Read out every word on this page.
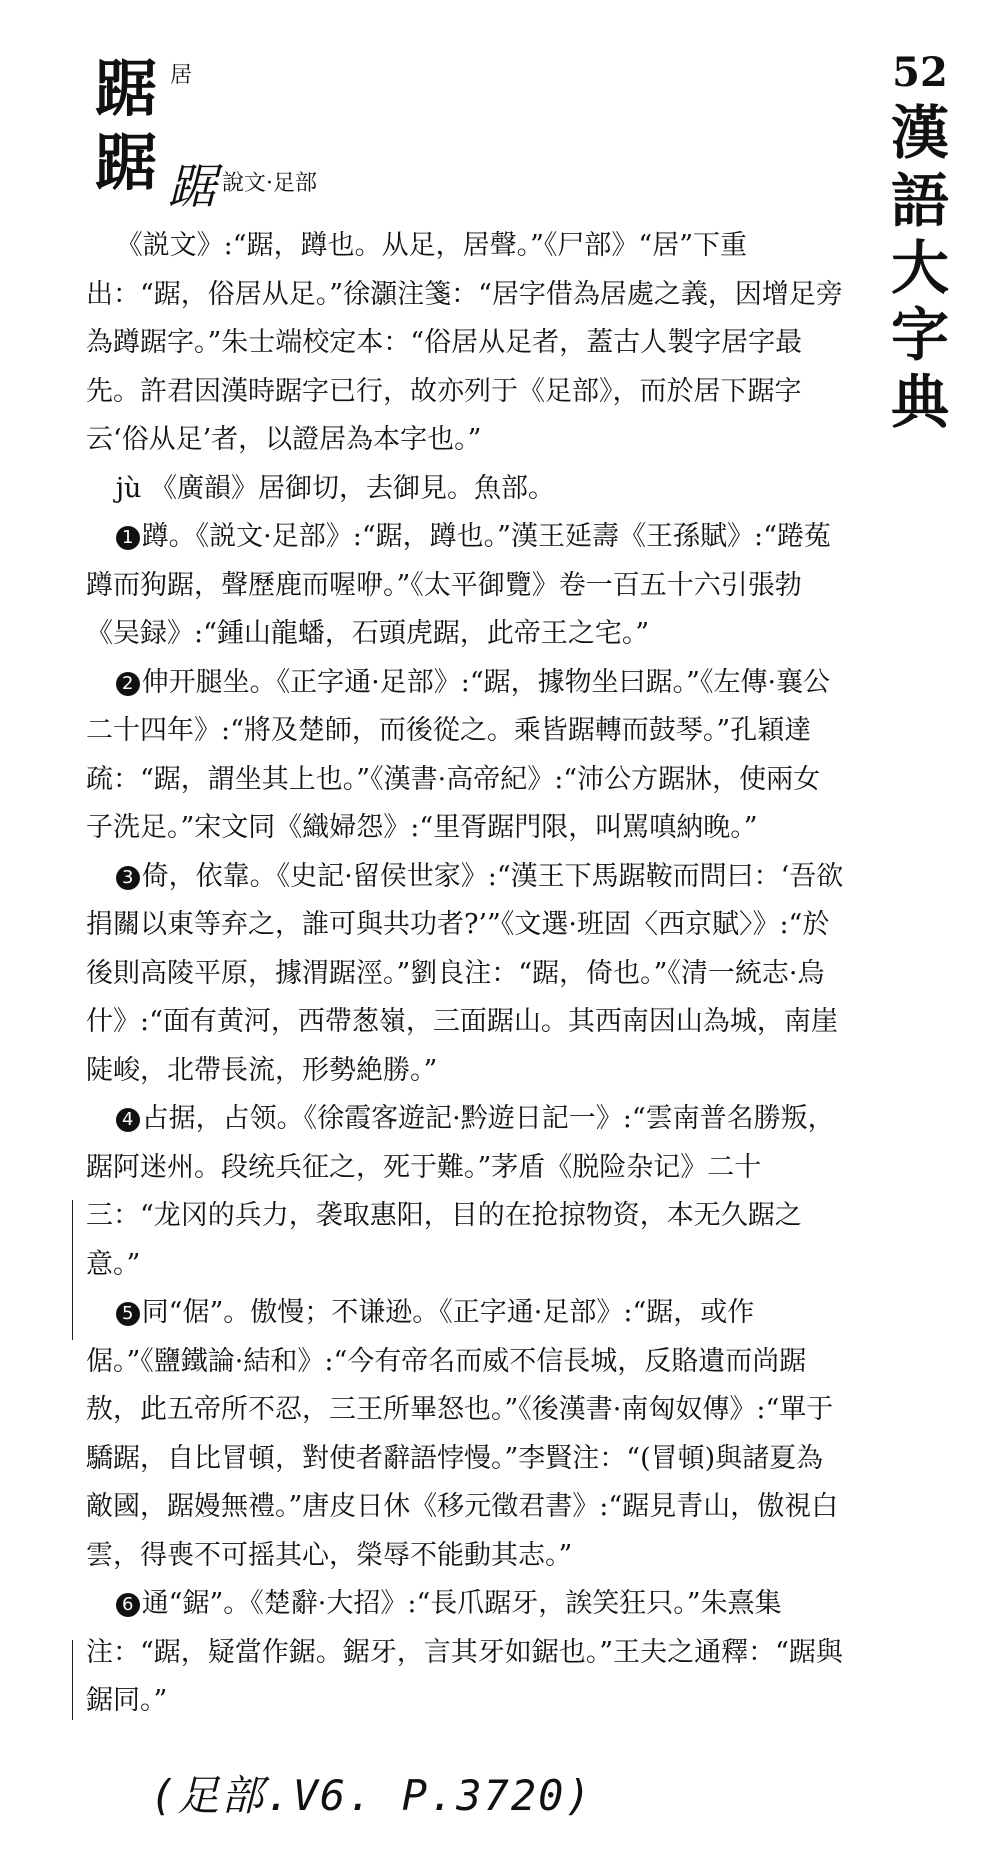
踞 居
踞 踞 說文·足部
52
漢
語
大
字
典

《説文》:“踞，蹲也。从足，居聲。”《尸部》“居”下重出：“踞，俗居从足。”徐灝注箋：“居字借為居處之義，因增足旁為蹲踞字。”朱士端校定本：“俗居从足者，蓋古人製字居字最先。許君因漢時踞字已行，故亦列于《足部》，而於居下踞字云‘俗从足’者，以證居為本字也。”

jù 《廣韻》居御切，去御見。魚部。

1 蹲。《説文·足部》:“踞，蹲也。”漢王延壽《王孫賦》:“踡菟蹲而狗踞，聲歷鹿而喔咿。”《太平御覽》卷一百五十六引張勃《吴録》:“鍾山龍蟠，石頭虎踞，此帝王之宅。”

2 伸开腿坐。《正字通·足部》:“踞，據物坐曰踞。”《左傳·襄公二十四年》:“將及楚師，而後從之。乘皆踞轉而鼓琴。”孔穎達疏：“踞，謂坐其上也。”《漢書·高帝紀》:“沛公方踞牀，使兩女子洗足。”宋文同《織婦怨》:“里胥踞門限，叫駡嗔納晚。”

3 倚，依靠。《史記·留侯世家》:“漢王下馬踞鞍而問曰：‘吾欲捐關以東等弃之，誰可與共功者?’”《文選·班固〈西京賦〉》:“於後則高陵平原，據渭踞涇。”劉良注：“踞，倚也。”《清一統志·烏什》:“面有黄河，西帶葱嶺，三面踞山。其西南因山為城，南崖陡峻，北帶長流，形勢絶勝。”

4 占据，占领。《徐霞客遊記·黔遊日記一》:“雲南普名勝叛，踞阿迷州。段统兵征之，死于難。”茅盾《脱险杂记》二十三：“龙冈的兵力，袭取惠阳，目的在抢掠物资，本无久踞之意。”

5 同“倨”。傲慢；不谦逊。《正字通·足部》:“踞，或作倨。”《鹽鐵論·結和》:“今有帝名而威不信長城，反賂遺而尚踞敖，此五帝所不忍，三王所畢怒也。”《後漢書·南匈奴傳》:“單于驕踞，自比冒頓，對使者辭語悖慢。”李賢注：“(冒頓)與諸夏為敵國，踞嫚無禮。”唐皮日休《移元徵君書》:“踞見青山，傲視白雲，得喪不可摇其心，榮辱不能動其志。”

6 通“鋸”。《楚辭·大招》:“長爪踞牙，誒笑狂只。”朱熹集注：“踞，疑當作鋸。鋸牙，言其牙如鋸也。”王夫之通釋：“踞與鋸同。”

(足部.V6. P.3720)
